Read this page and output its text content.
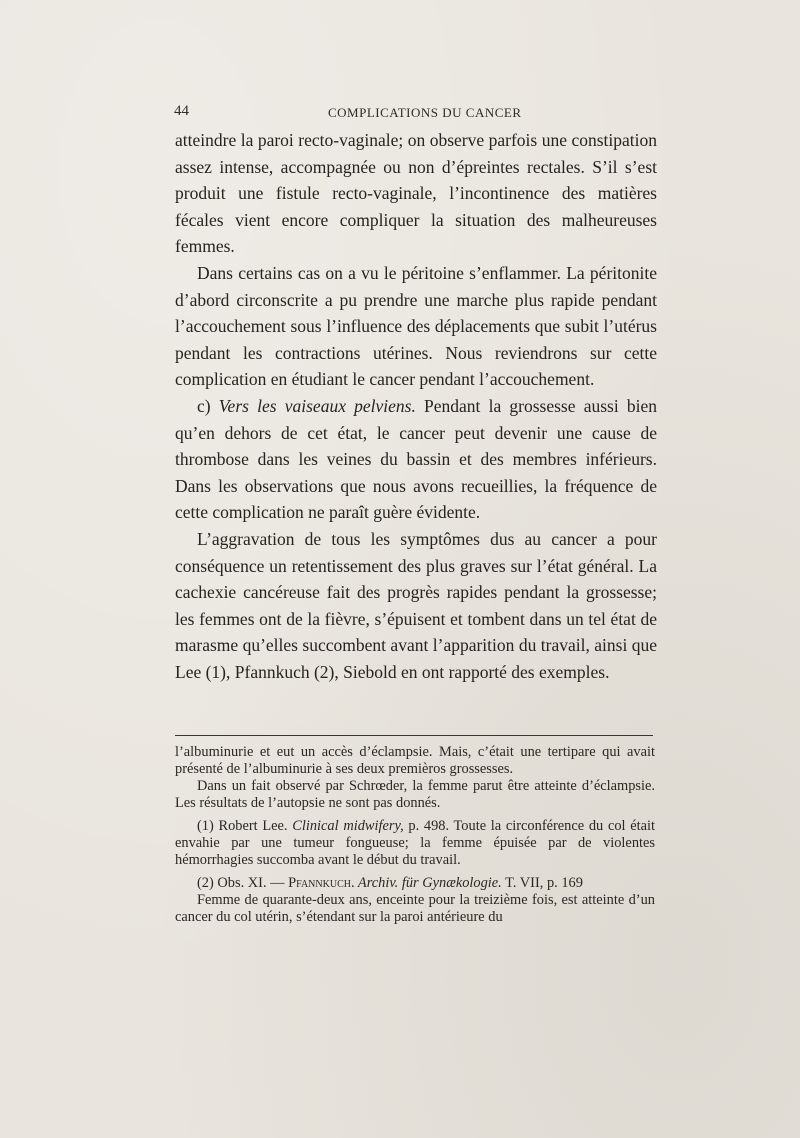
44	COMPLICATIONS DU CANCER

atteindre la paroi recto-vaginale; on observe parfois une constipation assez intense, accompagnée ou non d’épreintes rectales. S’il s’est produit une fistule recto-vaginale, l’incontinence des matières fécales vient encore compliquer la situation des malheureuses femmes.

Dans certains cas on a vu le péritoine s’enflammer. La péritonite d’abord circonscrite a pu prendre une marche plus rapide pendant l’accouchement sous l’influence des déplacements que subit l’utérus pendant les contractions utérines. Nous reviendrons sur cette complication en étudiant le cancer pendant l’accouchement.

c) Vers les vaiseaux pelviens. Pendant la grossesse aussi bien qu’en dehors de cet état, le cancer peut devenir une cause de thrombose dans les veines du bassin et des membres inférieurs. Dans les observations que nous avons recueillies, la fréquence de cette complication ne paraît guère évidente.

L’aggravation de tous les symptômes dus au cancer a pour conséquence un retentissement des plus graves sur l’état général. La cachexie cancéreuse fait des progrès rapides pendant la grossesse; les femmes ont de la fièvre, s’épuisent et tombent dans un tel état de marasme qu’elles succombent avant l’apparition du travail, ainsi que Lee (1), Pfannkuch (2), Siebold en ont rapporté des exemples.

l’albuminurie et eut un accès d’éclampsie. Mais, c’était une tertipare qui avait présenté de l’albuminurie à ses deux premièros grossesses.

Dans un fait observé par Schrœder, la femme parut être atteinte d’éclampsie. Les résultats de l’autopsie ne sont pas donnés.

(1) Robert Lee. Clinical midwifery, p. 498. Toute la circonférence du col était envahie par une tumeur fongueuse; la femme épuisée par de violentes hémorrhagies succomba avant le début du travail.

(2) Obs. XI. — Pfannkuch. Archiv. für Gynækologie. T. VII, p. 169

Femme de quarante-deux ans, enceinte pour la treizième fois, est atteinte d’un cancer du col utérin, s’étendant sur la paroi antérieure du
